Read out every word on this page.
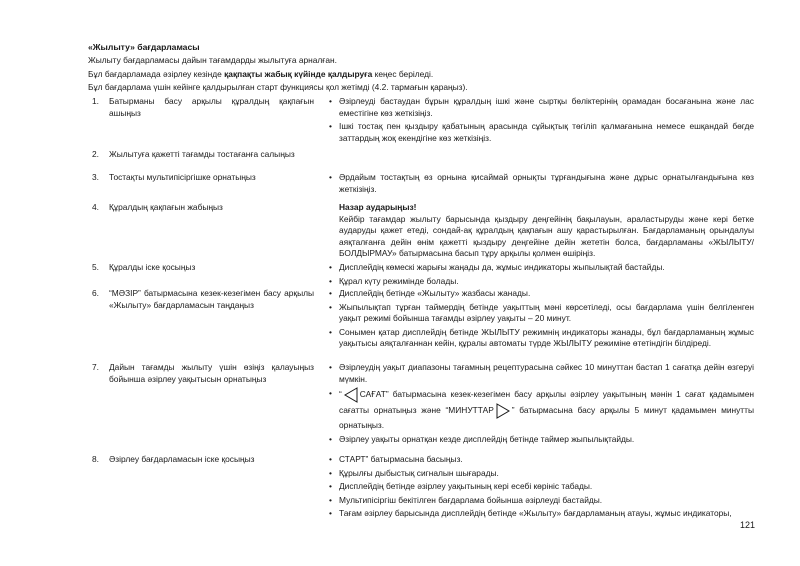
«Жылыту» бағдарламасы
Жылыту бағдарламасы дайын тағамдарды жылытуға арналған.
Бұл бағдарламада әзірлеу кезінде қақпақты жабық күйінде қалдыруға кеңес беріледі.
Бұл бағдарлама үшін кейінге қалдырылған старт функциясы қол жетімді (4.2. тармағын қараңыз).
1.	Батырманы басу арқылы құралдың қақпағын ашыңыз
• Әзірлеуді бастаудан бұрын құралдың ішкі және сыртқы бөліктерінің орамадан босағанына және лас еместігіне көз жеткізіңіз.
• Ішкі тостақ пен қыздыру қабатының арасында сұйықтық төгіліп қалмағанына немесе ешқандай бөгде заттардың жоқ екендігіне көз жеткізіңіз.
2.	Жылытуға қажетті тағамды тостағанға салыңыз
3.	Тостақты мультипісіргішке орнатыңыз	• Әрдайым тостақтың өз орнына қисаймай орнықты тұрғандығына және дұрыс орнатылғандығына көз жеткізіңіз.
4.	Құралдың қақпағын жабыңыз	Назар аударыңыз!
Кейбір тағамдар жылыту барысында қыздыру деңгейінің бақылауын, араластыруды және кері бетке аударуды қажет етеді, сондай-ақ құралдың қақпағын ашу қарастырылған. Бағдарламаның орындалуы аяқталғанға дейін өнім қажетті қыздыру деңгейіне дейін жететін болса, бағдарламаны «ЖЫЛЫТУ/БОЛДЫРМАУ» батырмасына басып тұру арқылы қолмен өшіріңіз.
5.	Құралды іске қосыңыз	• Дисплейдің көмескі жарығы жаңады да, жұмыс индикаторы жыпылықтай бастайды.
• Құрал күту режимінде болады.
6.	“МӘЗІР” батырмасына кезек-кезегімен басу арқылы «Жылыту» бағдарламасын таңдаңыз
• Дисплейдің бетінде «Жылыту» жазбасы жанады.
• Жыпылықтап тұрған таймердің бетінде уақыттың мәні көрсетіледі, осы бағдарлама үшін белгіленген уақыт режимі бойынша тағамды әзірлеу уақыты – 20 минут.
• Сонымен қатар дисплейдің бетінде ЖЫЛЫТУ режимнің индикаторы жанады, бұл бағдарламаның жұмыс уақытысы аяқталғаннан кейін, құралы автоматы түрде ЖЫЛЫТУ режиміне өтетіндігін білдіреді.
7.	Дайын тағамды жылыту үшін өзіңіз қалауыңыз бойынша әзірлеу уақытысын орнатыңыз
• Әзірлеудің уақыт диапазоны тағамның рецептурасына сәйкес 10 минуттан бастап 1 сағатқа дейін өзгеруі мүмкін.
• “ САҒАТ” батырмасына кезек-кезегімен басу арқылы әзірлеу уақытының мәнін 1 сағат қадамымен сағатты орнатыңыз және “МИНУТТАР ” батырмасына басу арқылы 5 минут қадамымен минутты орнатыңыз.
• Әзірлеу уақыты орнатқан кезде дисплейдің бетінде таймер жыпылықтайды.
8.	Әзірлеу бағдарламасын іске қосыңыз	• СТАРТ” батырмасына басыңыз.
• Құрылғы дыбыстық сигналын шығарады.
• Дисплейдің бетінде әзірлеу уақытының кері есебі көрініс табады.
• Мультипісіргіш бекітілген бағдарлама бойынша әзірлеуді бастайды.
• Тағам әзірлеу барысында дисплейдің бетінде «Жылыту» бағдарламаның атауы, жұмыс индикаторы,
121
